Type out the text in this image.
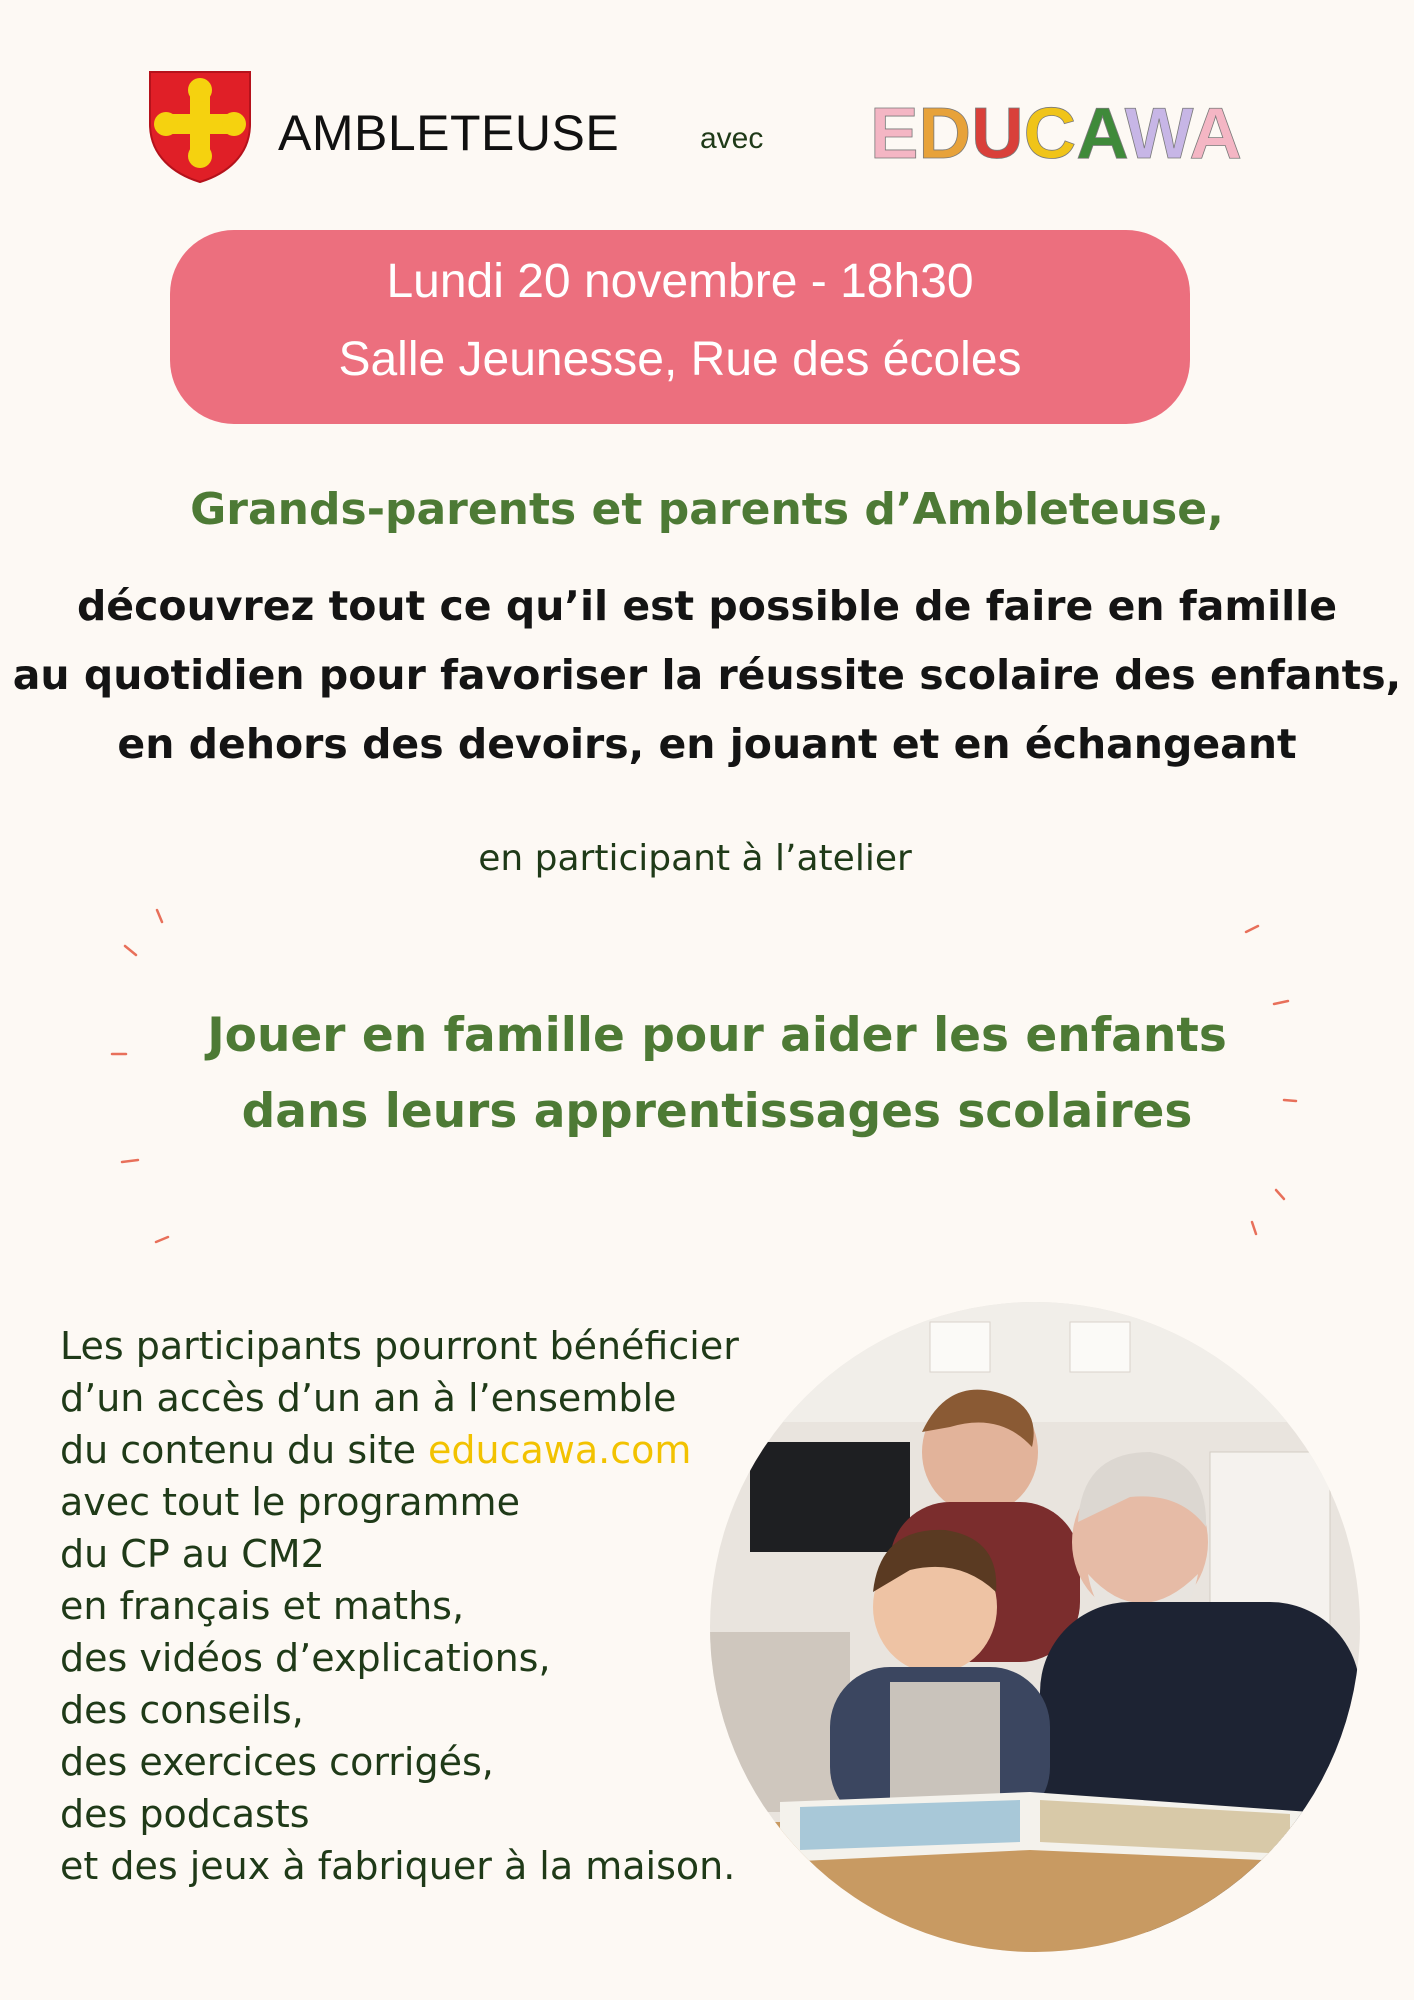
AMBLETEUSE	avec EDUCAWA
Lundi 20 novembre - 18h30
Salle Jeunesse, Rue des écoles
Grands-parents et parents d’Ambleteuse,
découvrez tout ce qu’il est possible de faire en famille
au quotidien pour favoriser la réussite scolaire des enfants,
en dehors des devoirs, en jouant et en échangeant
en participant à l’atelier
Jouer en famille pour aider les enfants
dans leurs apprentissages scolaires
Les participants pourront bénéficier
d’un accès d’un an à l’ensemble
du contenu du site educawa.com
avec tout le programme
du CP au CM2
en français et maths,
des vidéos d’explications,
des conseils,
des exercices corrigés,
des podcasts
et des jeux à fabriquer à la maison.
